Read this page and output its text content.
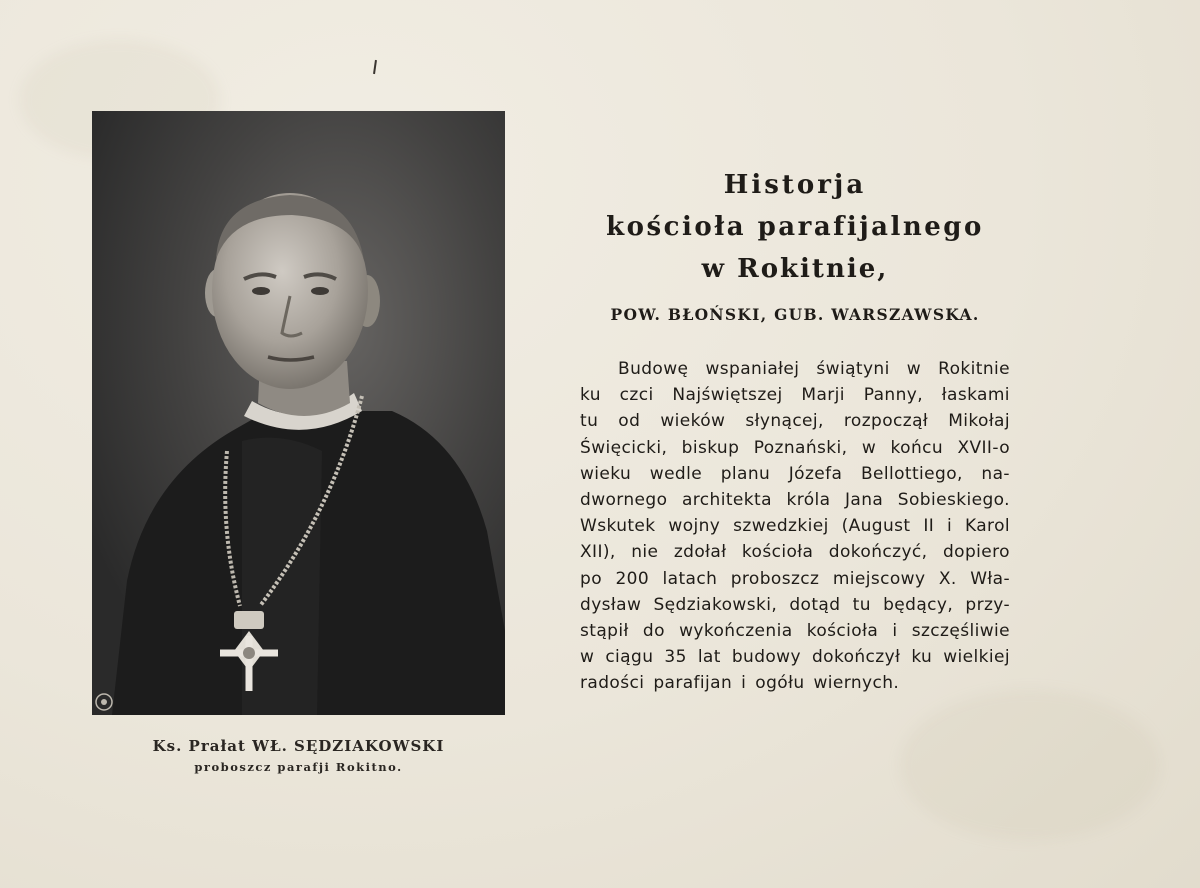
Ks. Prałat WŁ. SĘDZIAKOWSKI
proboszcz parafji Rokitno.
Historja
kościoła parafijalnego
w Rokitnie,
POW. BŁOŃSKI, GUB. WARSZAWSKA.
Budowę wspaniałej świątyni w Rokitnie
ku czci Najświętszej Marji Panny, łaskami
tu od wieków słynącej, rozpoczął Mikołaj
Święcicki, biskup Poznański, w końcu XVII-o
wieku wedle planu Józefa Bellottiego, na-
dwornego architekta króla Jana Sobieskiego.
Wskutek wojny szwedzkiej (August II i Karol
XII), nie zdołał kościoła dokończyć, dopiero
po 200 latach proboszcz miejscowy X. Wła-
dysław Sędziakowski, dotąd tu będący, przy-
stąpił do wykończenia kościoła i szczęśliwie
w ciągu 35 lat budowy dokończył ku wielkiej
radości parafijan i ogółu wiernych.
